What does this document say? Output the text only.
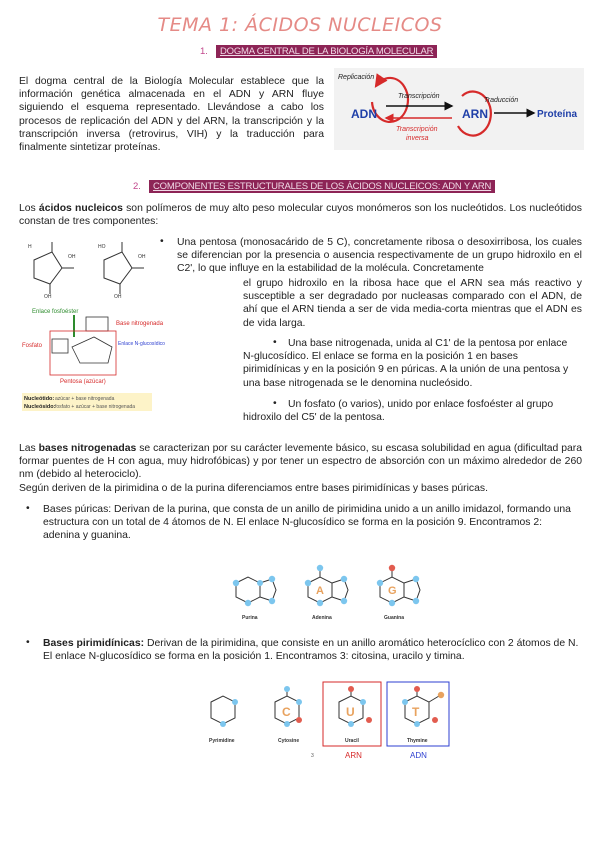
TEMA 1: ÁCIDOS NUCLEICOS
1. DOGMA CENTRAL DE LA BIOLOGÍA MOLECULAR
El dogma central de la Biología Molecular establece que la información genética almacenada en el ADN y ARN fluye siguiendo el esquema representado. Llevándose a cabo los procesos de replicación del ADN y del ARN, la transcripción y la transcripción inversa (retrovirus, VIH) y la traducción para finalmente sintetizar proteínas.
Replicación
ADN
Transcripción
Transcripción
inversa
ARN
Traducción
Proteína
2. COMPONENTES ESTRUCTURALES DE LOS ÁCIDOS NUCLEICOS: ADN Y ARN
Los ácidos nucleicos son polímeros de muy alto peso molecular cuyos monómeros son los nucleótidos. Los nucleótidos constan de tres componentes:
H
OH
OH
HO
OH
OH
Enlace fosfoéster
Base nitrogenada
Fosfato	Enlace N-glucosídico
Pentosa (azúcar)
Nucleótido: azúcar + base nitrogenada
Nucleósido: fosfato + azúcar + base nitrogenada
• Una pentosa (monosacárido de 5 C), concretamente ribosa o desoxirribosa, los cuales se diferencian por la presencia o ausencia respectivamente de un grupo hidroxilo en el C2', lo que influye en la estabilidad de la molécula. Concretamente
el grupo hidroxilo en la ribosa hace que el ARN sea más reactivo y susceptible a ser degradado por nucleasas comparado con el ADN, de ahí que el ARN tienda a ser de vida media-corta mientras que el ADN es de vida larga.
•	Una base nitrogenada, unida al C1' de la pentosa por enlace N-glucosídico. El enlace se forma en la posición 1 en bases pirimidínicas y en la posición 9 en púricas. A la unión de una pentosa y una base nitrogenada se le denomina nucleósido.
•	Un fosfato (o varios), unido por enlace fosfoéster al grupo hidroxilo del C5' de la pentosa.
Las bases nitrogenadas se caracterizan por su carácter levemente básico, su escasa solubilidad en agua (dificultad para formar puentes de H con agua, muy hidrofóbicas) y por tener un espectro de absorción con un máximo alrededor de 260 nm (debido al heterociclo).
Según deriven de la pirimidina o de la purina diferenciamos entre bases pirimidínicas y bases púricas.
• Bases púricas: Derivan de la purina, que consta de un anillo de pirimidina unido a un anillo imidazol, formando una estructura con un total de 4 átomos de N. El enlace N-glucosídico se forma en la posición 9. Encontramos 2: adenina y guanina.
A	G
Purina	Adenina	Guanina
• Bases pirimidínicas: Derivan de la pirimidina, que consiste en un anillo aromático heterocíclico con 2 átomos de N. El enlace N-glucosídico se forma en la posición 1. Encontramos 3: citosina, uracilo y timina.
C	U	T
Pyrimidine	Cytosine	Uracil	Thymine
3	ARN	ADN
